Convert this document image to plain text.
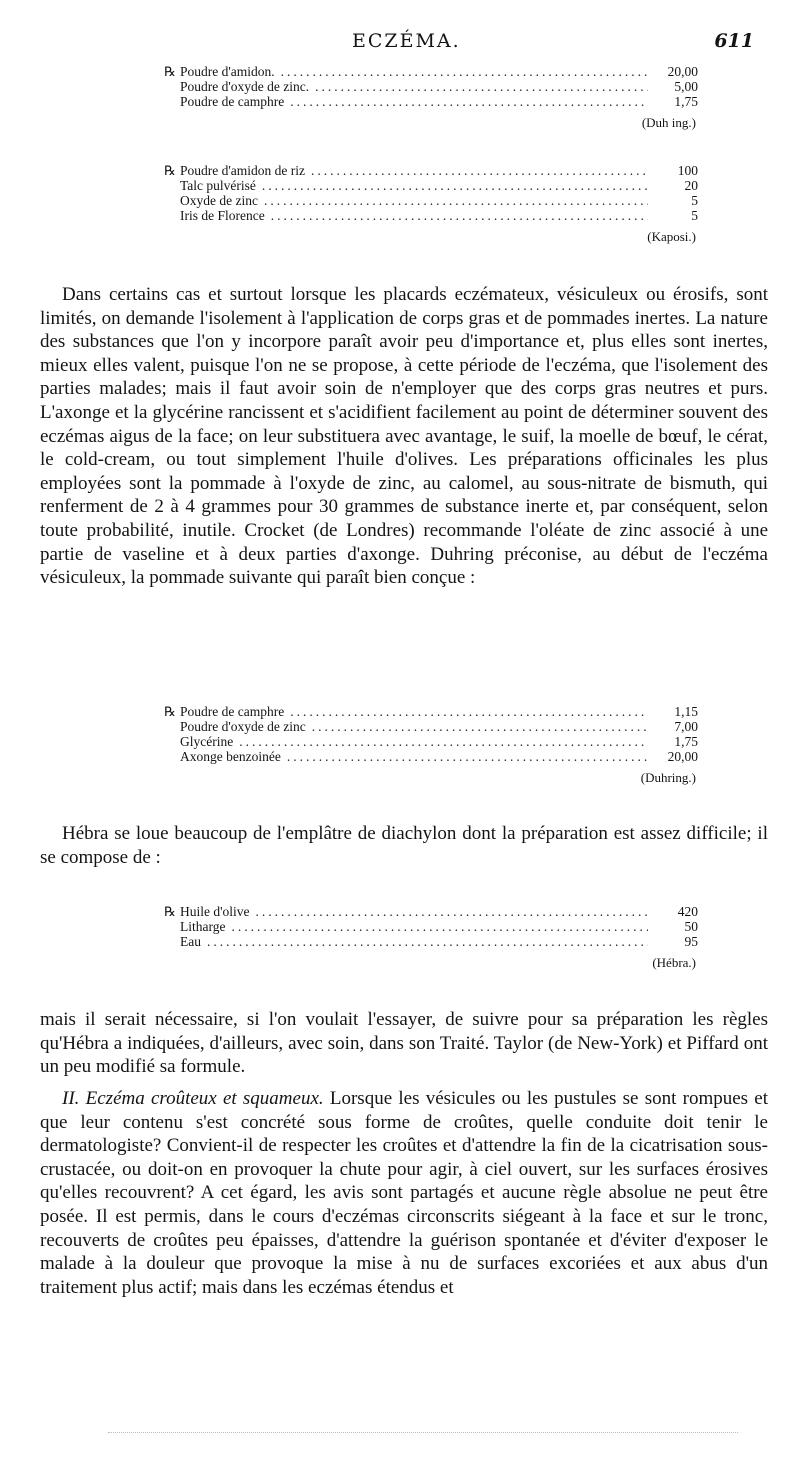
ECZÉMA.	611
℞ Poudre d'amidon. .....	20,00
Poudre d'oxyde de zinc. .....	5,00
Poudre de camphre .....	1,75
(Duh ing.)
℞ Poudre d'amidon de riz .....	100
Talc pulvérisé .....	20
Oxyde de zinc .....	5
Iris de Florence .....	5
(Kaposi.)

Dans certains cas et surtout lorsque les placards eczémateux, vésiculeux ou érosifs, sont limités, on demande l'isolement à l'application de corps gras et de pommades inertes. La nature des substances que l'on y incorpore paraît avoir peu d'importance et, plus elles sont inertes, mieux elles valent, puisque l'on ne se propose, à cette période de l'eczéma, que l'isolement des parties malades; mais il faut avoir soin de n'employer que des corps gras neutres et purs. L'axonge et la glycérine rancissent et s'acidifient facilement au point de déterminer souvent des eczémas aigus de la face; on leur substituera avec avantage, le suif, la moelle de bœuf, le cérat, le cold-cream, ou tout simplement l'huile d'olives. Les préparations officinales les plus employées sont la pommade à l'oxyde de zinc, au calomel, au sous-nitrate de bismuth, qui renferment de 2 à 4 grammes pour 30 grammes de substance inerte et, par conséquent, selon toute probabilité, inutile. Crocket (de Londres) recommande l'oléate de zinc associé à une partie de vaseline et à deux parties d'axonge. Duhring préconise, au début de l'eczéma vésiculeux, la pommade suivante qui paraît bien conçue :

℞ Poudre de camphre .....	1,15
Poudre d'oxyde de zinc .....	7,00
Glycérine .....	1,75
Axonge benzoinée .....	20,00
(Duhring.)

Hébra se loue beaucoup de l'emplâtre de diachylon dont la préparation est assez difficile; il se compose de :

℞ Huile d'olive .....	420
Litharge .....	50
Eau .....	95
(Hébra.)

mais il serait nécessaire, si l'on voulait l'essayer, de suivre pour sa préparation les règles qu'Hébra a indiquées, d'ailleurs, avec soin, dans son Traité. Taylor (de New-York) et Piffard ont un peu modifié sa formule.

II. Eczéma croûteux et squameux. Lorsque les vésicules ou les pustules se sont rompues et que leur contenu s'est concrété sous forme de croûtes, quelle conduite doit tenir le dermatologiste? Convient-il de respecter les croûtes et d'attendre la fin de la cicatrisation sous-crustacée, ou doit-on en provoquer la chute pour agir, à ciel ouvert, sur les surfaces érosives qu'elles recouvrent? A cet égard, les avis sont partagés et aucune règle absolue ne peut être posée. Il est permis, dans le cours d'eczémas circonscrits siégeant à la face et sur le tronc, recouverts de croûtes peu épaisses, d'attendre la guérison spontanée et d'éviter d'exposer le malade à la douleur que provoque la mise à nu de surfaces excoriées et aux abus d'un traitement plus actif; mais dans les eczémas étendus et
